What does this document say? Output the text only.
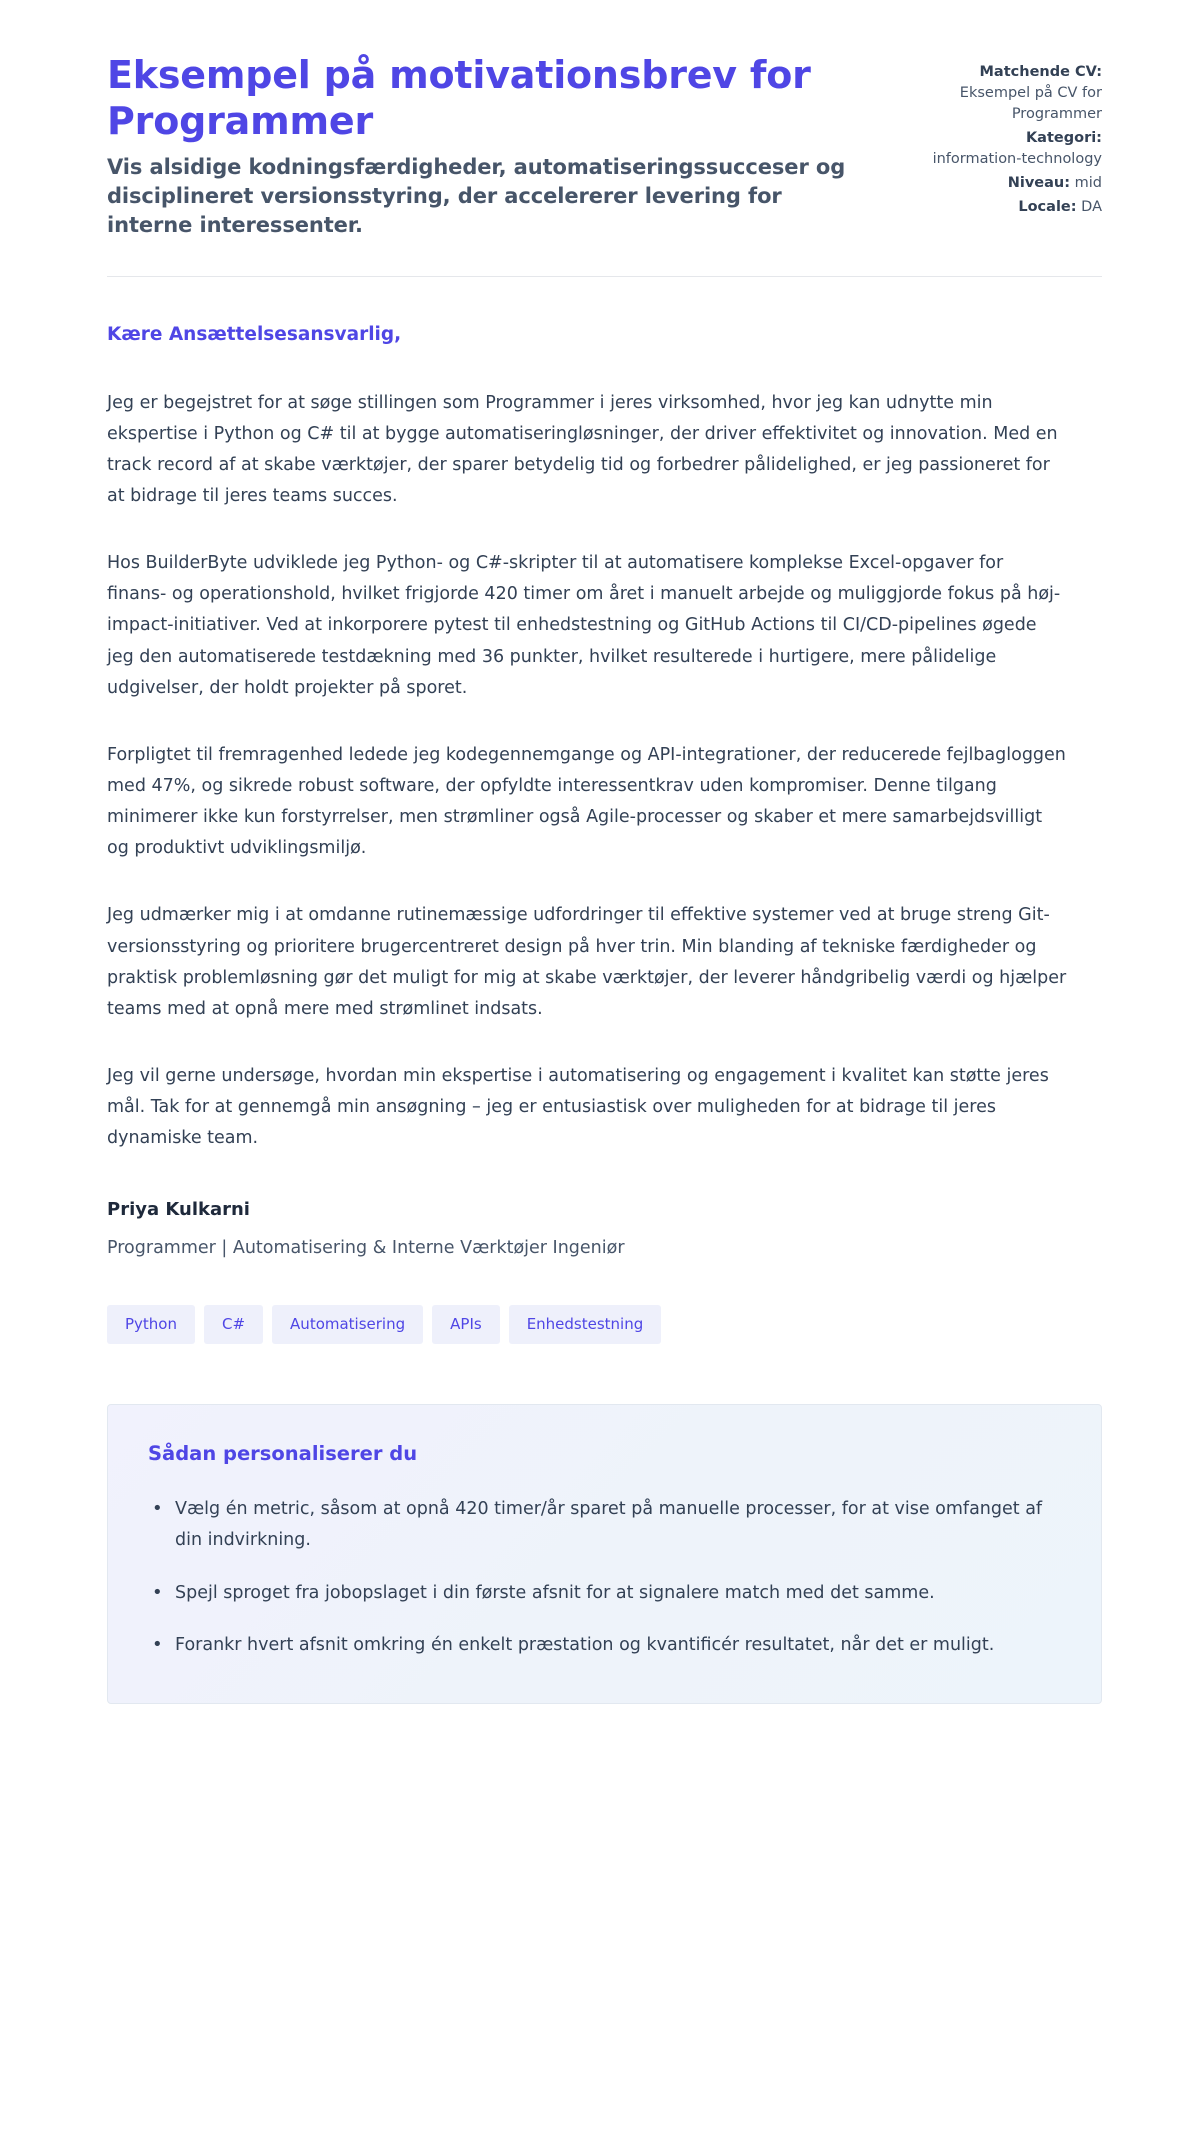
Eksempel på motivationsbrev for Programmer

Vis alsidige kodningsfærdigheder, automatiseringssucceser og disciplineret versionsstyring, der accelererer levering for interne interessenter.

Matchende CV:
Eksempel på CV for Programmer
Kategori:
information-technology
Niveau: mid
Locale: DA

Kære Ansættelsesansvarlig,

Jeg er begejstret for at søge stillingen som Programmer i jeres virksomhed, hvor jeg kan udnytte min ekspertise i Python og C# til at bygge automatiseringløsninger, der driver effektivitet og innovation. Med en track record af at skabe værktøjer, der sparer betydelig tid og forbedrer pålidelighed, er jeg passioneret for at bidrage til jeres teams succes.

Hos BuilderByte udviklede jeg Python- og C#-skripter til at automatisere komplekse Excel-opgaver for finans- og operationshold, hvilket frigjorde 420 timer om året i manuelt arbejde og muliggjorde fokus på høj-impact-initiativer. Ved at inkorporere pytest til enhedstestning og GitHub Actions til CI/CD-pipelines øgede jeg den automatiserede testdækning med 36 punkter, hvilket resulterede i hurtigere, mere pålidelige udgivelser, der holdt projekter på sporet.

Forpligtet til fremragenhed ledede jeg kodegennemgange og API-integrationer, der reducerede fejlbagloggen med 47%, og sikrede robust software, der opfyldte interessentkrav uden kompromiser. Denne tilgang minimerer ikke kun forstyrrelser, men strømliner også Agile-processer og skaber et mere samarbejdsvilligt og produktivt udviklingsmiljø.

Jeg udmærker mig i at omdanne rutinemæssige udfordringer til effektive systemer ved at bruge streng Git-versionsstyring og prioritere brugercentreret design på hver trin. Min blanding af tekniske færdigheder og praktisk problemløsning gør det muligt for mig at skabe værktøjer, der leverer håndgribelig værdi og hjælper teams med at opnå mere med strømlinet indsats.

Jeg vil gerne undersøge, hvordan min ekspertise i automatisering og engagement i kvalitet kan støtte jeres mål. Tak for at gennemgå min ansøgning – jeg er entusiastisk over muligheden for at bidrage til jeres dynamiske team.

Priya Kulkarni
Programmer | Automatisering & Interne Værktøjer Ingeniør
Python	C#	Automatisering	APIs	Enhedstestning
Sådan personaliserer du
• Vælg én metric, såsom at opnå 420 timer/år sparet på manuelle processer, for at vise omfanget af din indvirkning.
• Spejl sproget fra jobopslaget i din første afsnit for at signalere match med det samme.
• Forankr hvert afsnit omkring én enkelt præstation og kvantificér resultatet, når det er muligt.
